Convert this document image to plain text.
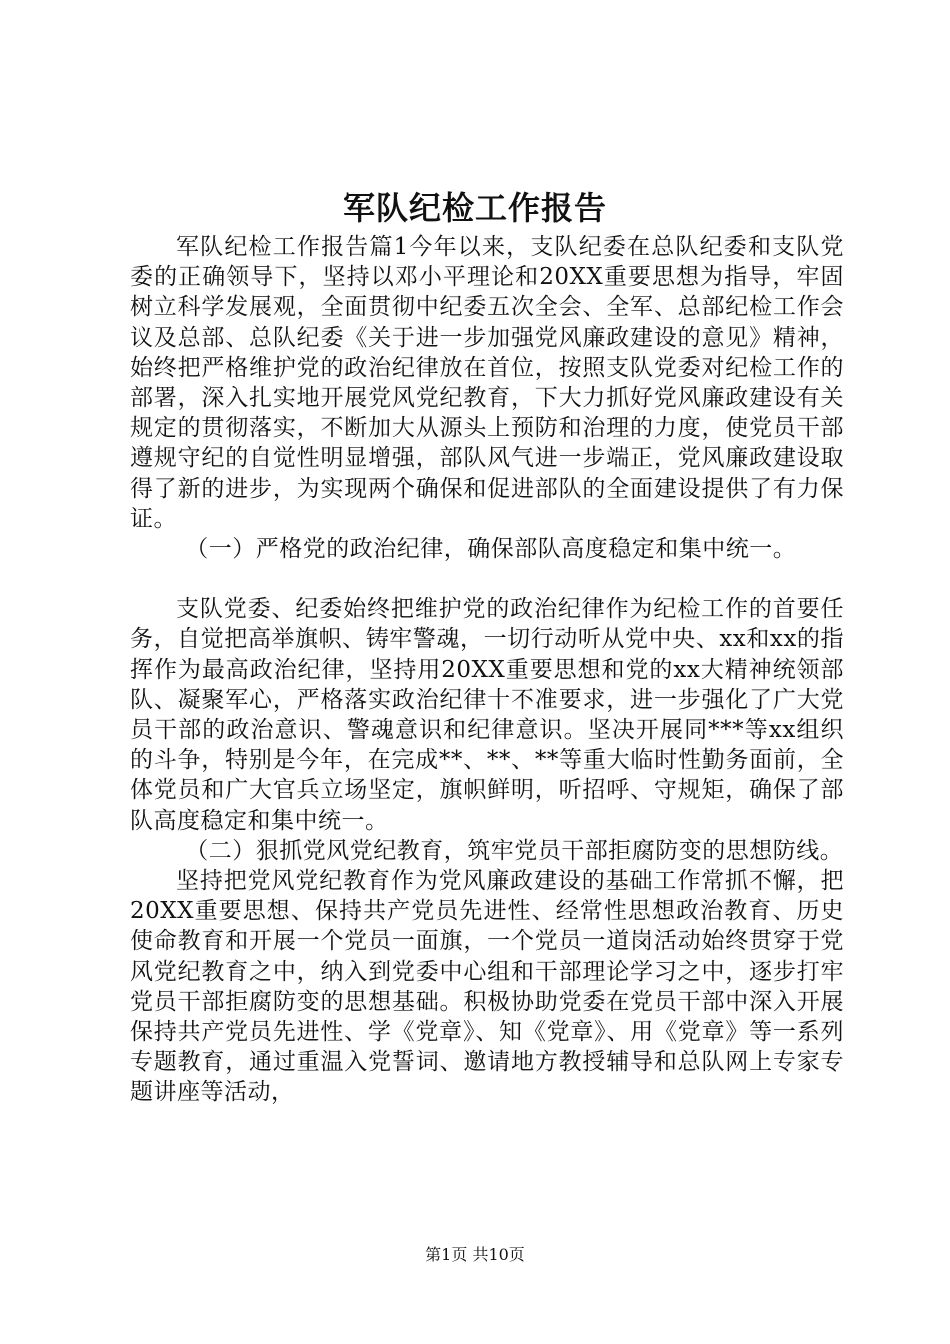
军队纪检工作报告

军队纪检工作报告篇1今年以来，支队纪委在总队纪委和支队党委的正确领导下，坚持以邓小平理论和20XX重要思想为指导，牢固树立科学发展观，全面贯彻中纪委五次全会、全军、总部纪检工作会议及总部、总队纪委《关于进一步加强党风廉政建设的意见》精神，始终把严格维护党的政治纪律放在首位，按照支队党委对纪检工作的部署，深入扎实地开展党风党纪教育，下大力抓好党风廉政建设有关规定的贯彻落实，不断加大从源头上预防和治理的力度，使党员干部遵规守纪的自觉性明显增强，部队风气进一步端正，党风廉政建设取得了新的进步，为实现两个确保和促进部队的全面建设提供了有力保证。

（一）严格党的政治纪律，确保部队高度稳定和集中统一。

支队党委、纪委始终把维护党的政治纪律作为纪检工作的首要任务，自觉把高举旗帜、铸牢警魂，一切行动听从党中央、xx和xx的指挥作为最高政治纪律，坚持用20XX重要思想和党的xx大精神统领部队、凝聚军心，严格落实政治纪律十不准要求，进一步强化了广大党员干部的政治意识、警魂意识和纪律意识。坚决开展同***等xx组织的斗争，特别是今年，在完成**、**、**等重大临时性勤务面前，全体党员和广大官兵立场坚定，旗帜鲜明，听招呼、守规矩，确保了部队高度稳定和集中统一。

（二）狠抓党风党纪教育，筑牢党员干部拒腐防变的思想防线。

坚持把党风党纪教育作为党风廉政建设的基础工作常抓不懈，把20XX重要思想、保持共产党员先进性、经常性思想政治教育、历史使命教育和开展一个党员一面旗，一个党员一道岗活动始终贯穿于党风党纪教育之中，纳入到党委中心组和干部理论学习之中，逐步打牢党员干部拒腐防变的思想基础。积极协助党委在党员干部中深入开展保持共产党员先进性、学《党章》、知《党章》、用《党章》等一系列专题教育，通过重温入党誓词、邀请地方教授辅导和总队网上专家专题讲座等活动，

第1页 共10页
